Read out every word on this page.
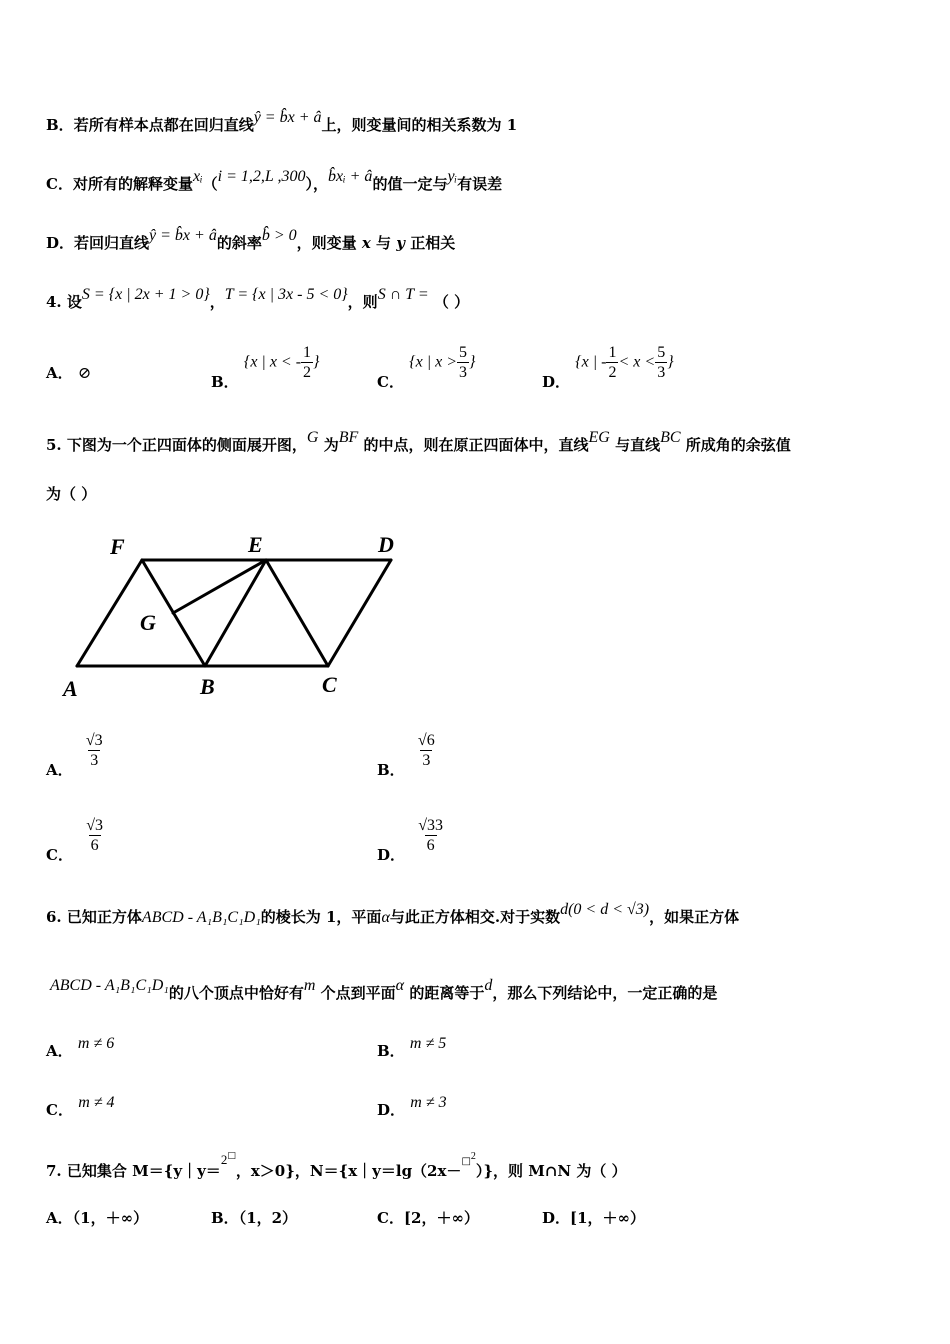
B．若所有样本点都在回归直线ŷ = b̂x + â上，则变量间的相关系数为 1
C．对所有的解释变量xᵢ（i = 1,2,L ,300），b̂xᵢ + â的值一定与yᵢ有误差
D．若回归直线ŷ = b̂x + â的斜率b̂ > 0，则变量 x 与 y 正相关
4. 设S = {x | 2x + 1 > 0}，T = {x | 3x - 5 < 0}，则S ∩ T = （ ）
A． ⊘	B． {x | x < - $\frac{1}{2}$ }
C． {x | $x > \frac{5}{3}$ }
D． {x | - $\frac{1}{2} < x < \frac{5}{3}$ }
5. 下图为一个正四面体的侧面展开图，G 为BF 的中点，则在原正四面体中，直线EG 与直线BC 所成角的余弦值
为（ ）
F	E	D
G
A	B	C
A． $\frac{√3}{3}$	B． $\frac{√6}{3}$
C． $\frac{√3}{6}$	D． $\frac{√33}{6}$
6. 已知正方体ABCD - A₁B₁C₁D₁的棱长为 1，平面α与此正方体相交.对于实数d(0 < d < √3)，如果正方体
ABCD - A₁B₁C₁D₁的八个顶点中恰好有m 个点到平面α 的距离等于d，那么下列结论中，一定正确的是
A． m ≠ 6	B． m ≠ 5
C． m ≠ 4	D． m ≠ 3
7. 已知集合 M＝{y｜y＝2□，x＞0}，N＝{x｜y＝lg（2x－$^{□2}$）}，则 M∩N 为（ ）
A．（1，＋∞）	B．（1，2）	C．[2，＋∞）	D．[1，＋∞）
